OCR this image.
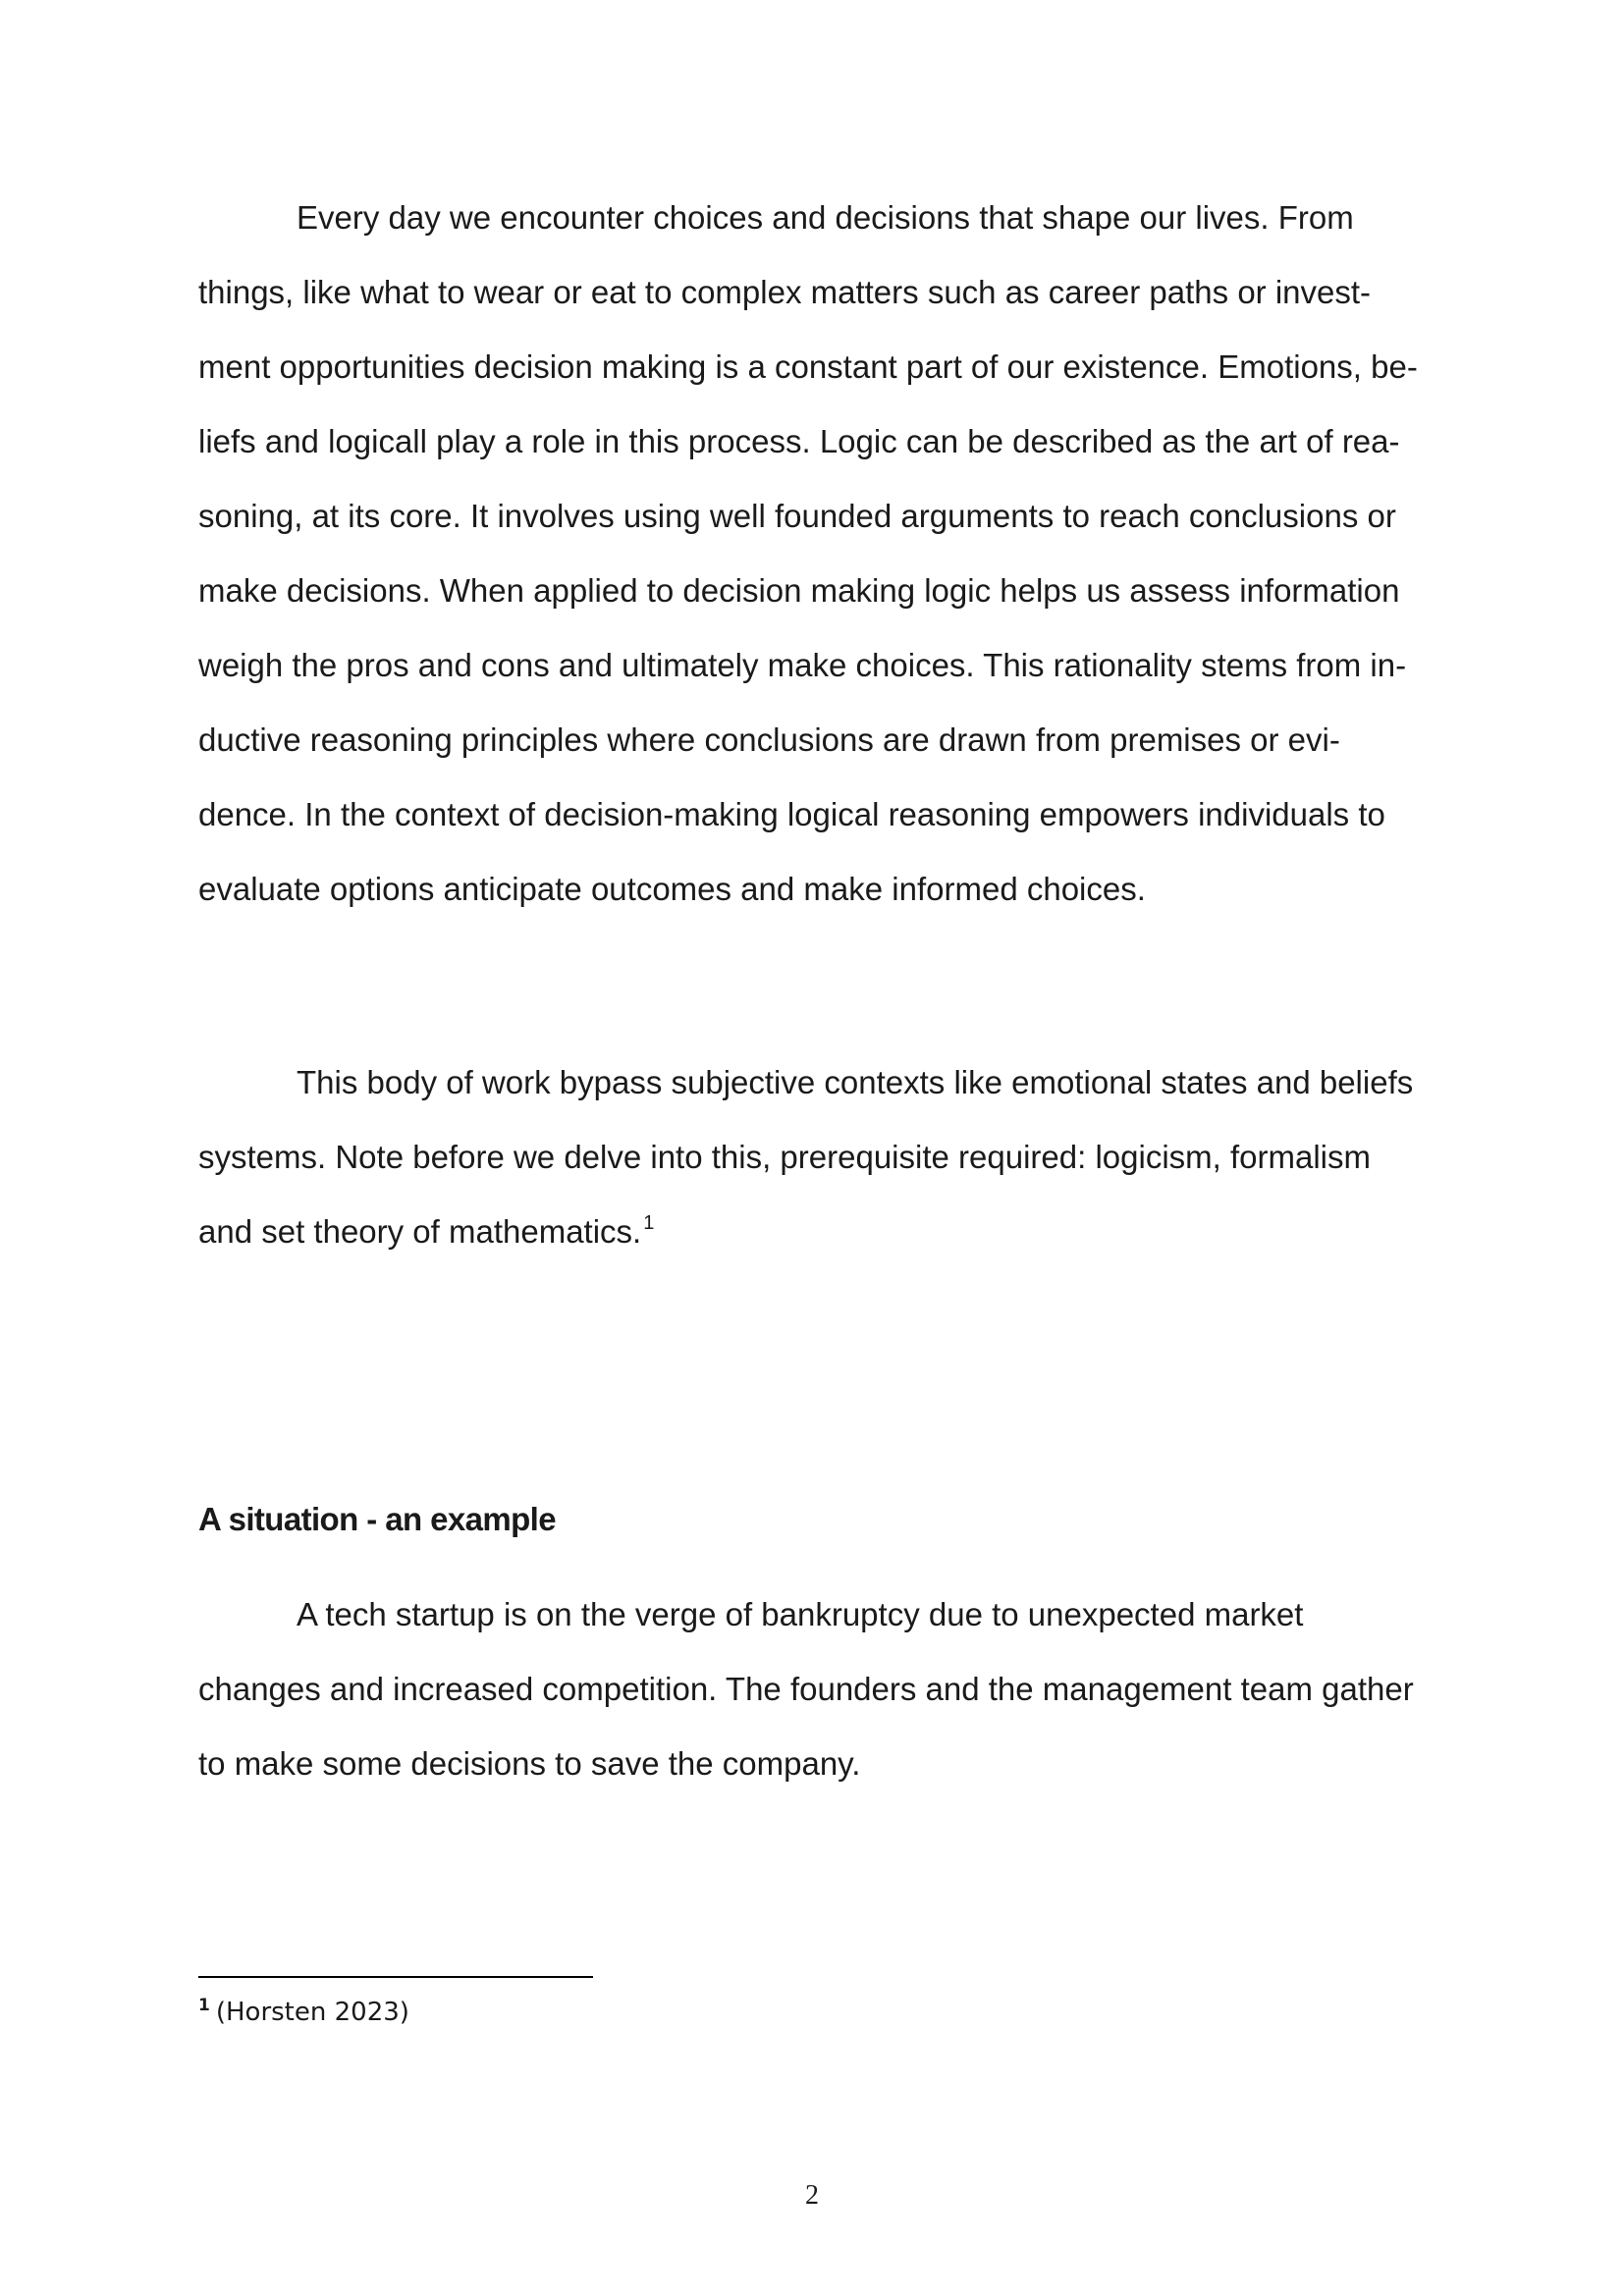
Every day we encounter choices and decisions that shape our lives. From

things, like what to wear or eat to complex matters such as career paths or invest-

ment opportunities decision making is a constant part of our existence. Emotions, be-

liefs and logicall play a role in this process. Logic can be described as the art of rea-

soning, at its core. It involves using well founded arguments to reach conclusions or

make decisions. When applied to decision making logic helps us assess information

weigh the pros and cons and ultimately make choices. This rationality stems from in-

ductive reasoning principles where conclusions are drawn from premises or evi-

dence. In the context of decision-making logical reasoning empowers individuals to

evaluate options anticipate outcomes and make informed choices.

This body of work bypass subjective contexts like emotional states and beliefs

systems. Note before we delve into this, prerequisite required: logicism, formalism

and set theory of mathematics. $^1$

A situation - an example

A tech startup is on the verge of bankruptcy due to unexpected market

changes and increased competition. The founders and the management team gather

to make some decisions to save the company.

$^1$ (Horsten 2023)

2
